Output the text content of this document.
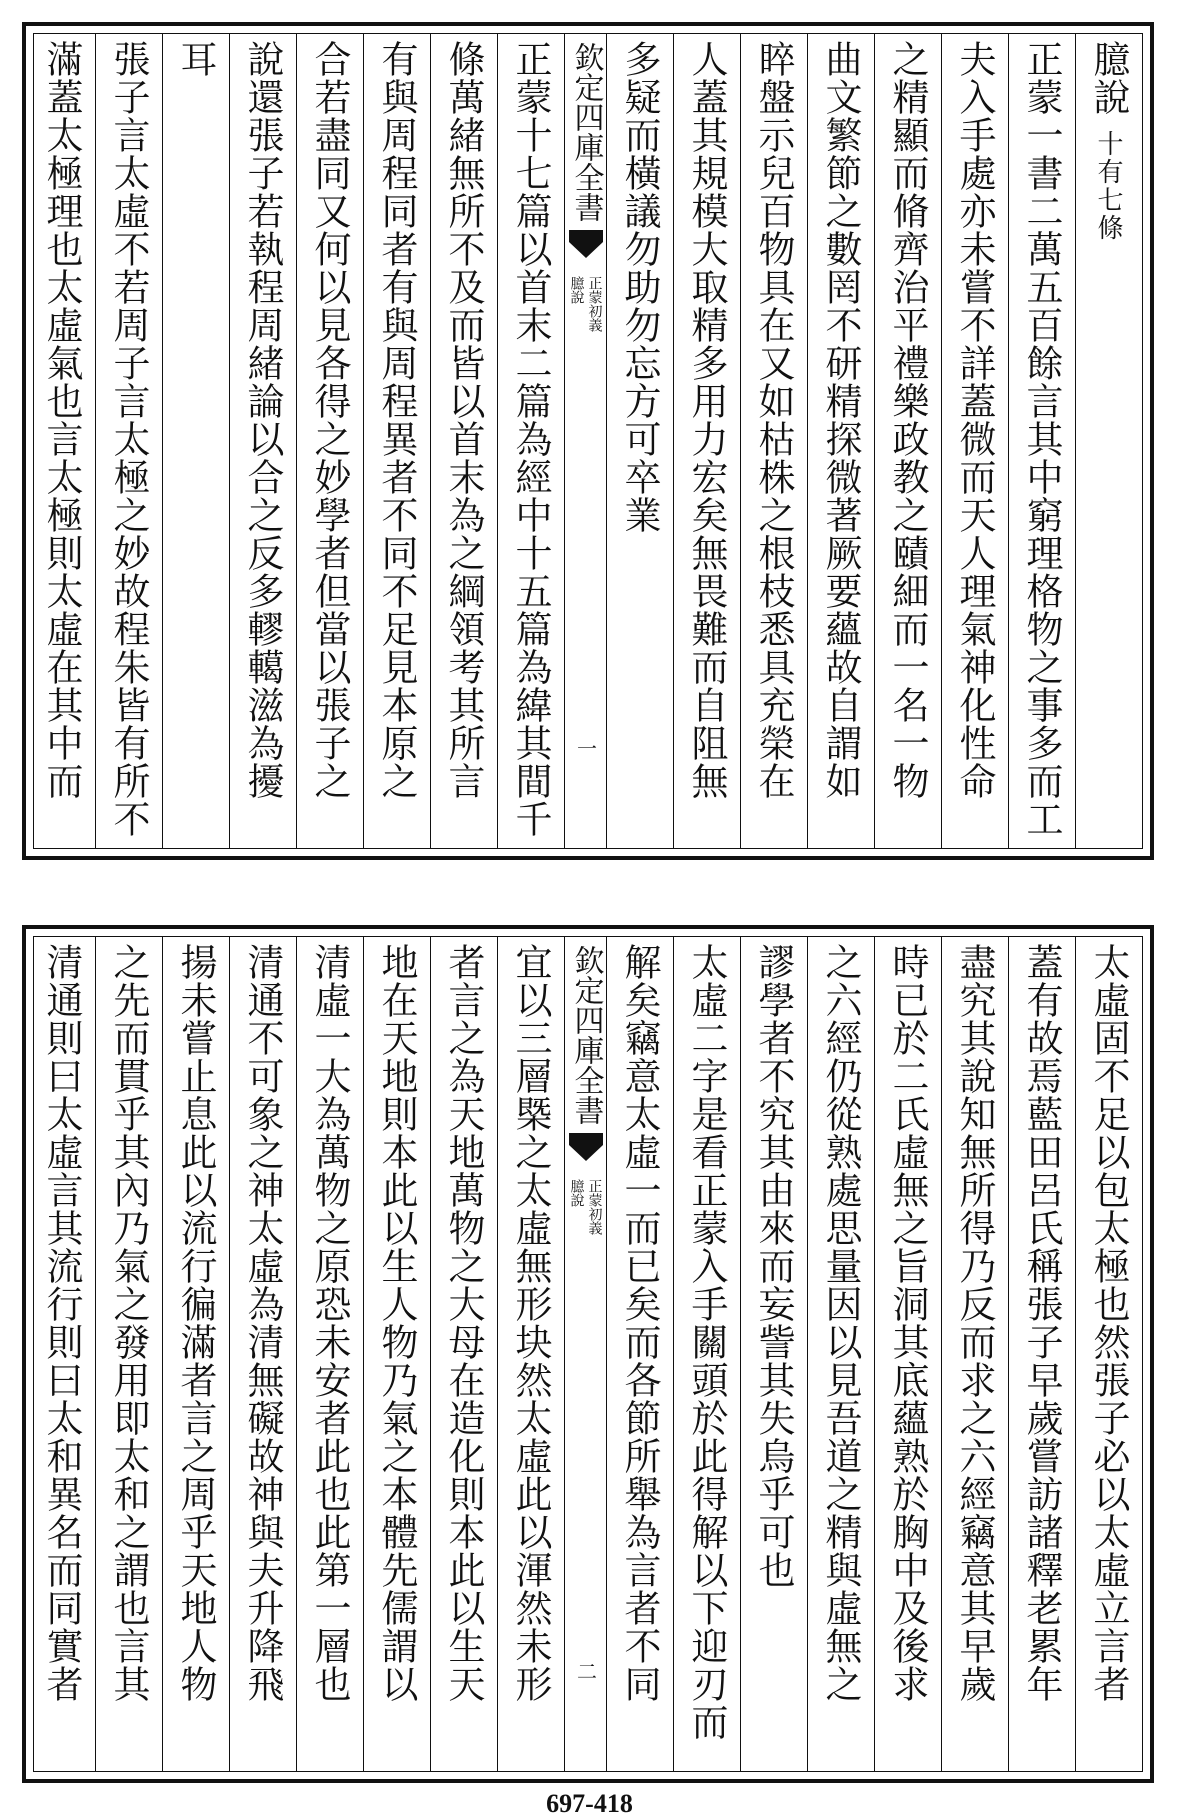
臆說十有七條
正蒙一書二萬五百餘言其中窮理格物之事多而工
夫入手處亦未嘗不詳蓋微而天人理氣神化性命
之精顯而脩齊治平禮樂政教之賾細而一名一物
曲文繁節之數罔不研精探微著厥要蘊故自謂如
睟盤示兒百物具在又如枯株之根枝悉具充榮在
人蓋其規模大取精多用力宏矣無畏難而自阻無
多疑而橫議勿助勿忘方可卒業
欽定四庫全書
正蒙初義
臆說
一
正蒙十七篇以首末二篇為經中十五篇為緯其間千
條萬緒無所不及而皆以首末為之綱領考其所言
有與周程同者有與周程異者不同不足見本原之
合若盡同又何以見各得之妙學者但當以張子之
說還張子若執程周緒論以合之反多轇轕滋為擾
耳
張子言太虛不若周子言太極之妙故程朱皆有所不
滿蓋太極理也太虛氣也言太極則太虛在其中而
太虛固不足以包太極也然張子必以太虛立言者
蓋有故焉藍田呂氏稱張子早歲嘗訪諸釋老累年
盡究其說知無所得乃反而求之六經竊意其早歲
時已於二氏虛無之旨洞其底蘊熟於胸中及後求
之六經仍從熟處思量因以見吾道之精與虛無之
謬學者不究其由來而妄訾其失烏乎可也
太虛二字是看正蒙入手關頭於此得解以下迎刃而
解矣竊意太虛一而已矣而各節所舉為言者不同
欽定四庫全書
正蒙初義
臆說
二
宜以三層槩之太虛無形块然太虛此以渾然未形
者言之為天地萬物之大母在造化則本此以生天
地在天地則本此以生人物乃氣之本體先儒謂以
清虛一大為萬物之原恐未安者此也此第一層也
清通不可象之神太虛為清無礙故神與夫升降飛
揚未嘗止息此以流行徧滿者言之周乎天地人物
之先而貫乎其內乃氣之發用即太和之謂也言其
清通則曰太虛言其流行則曰太和異名而同實者
697-418
